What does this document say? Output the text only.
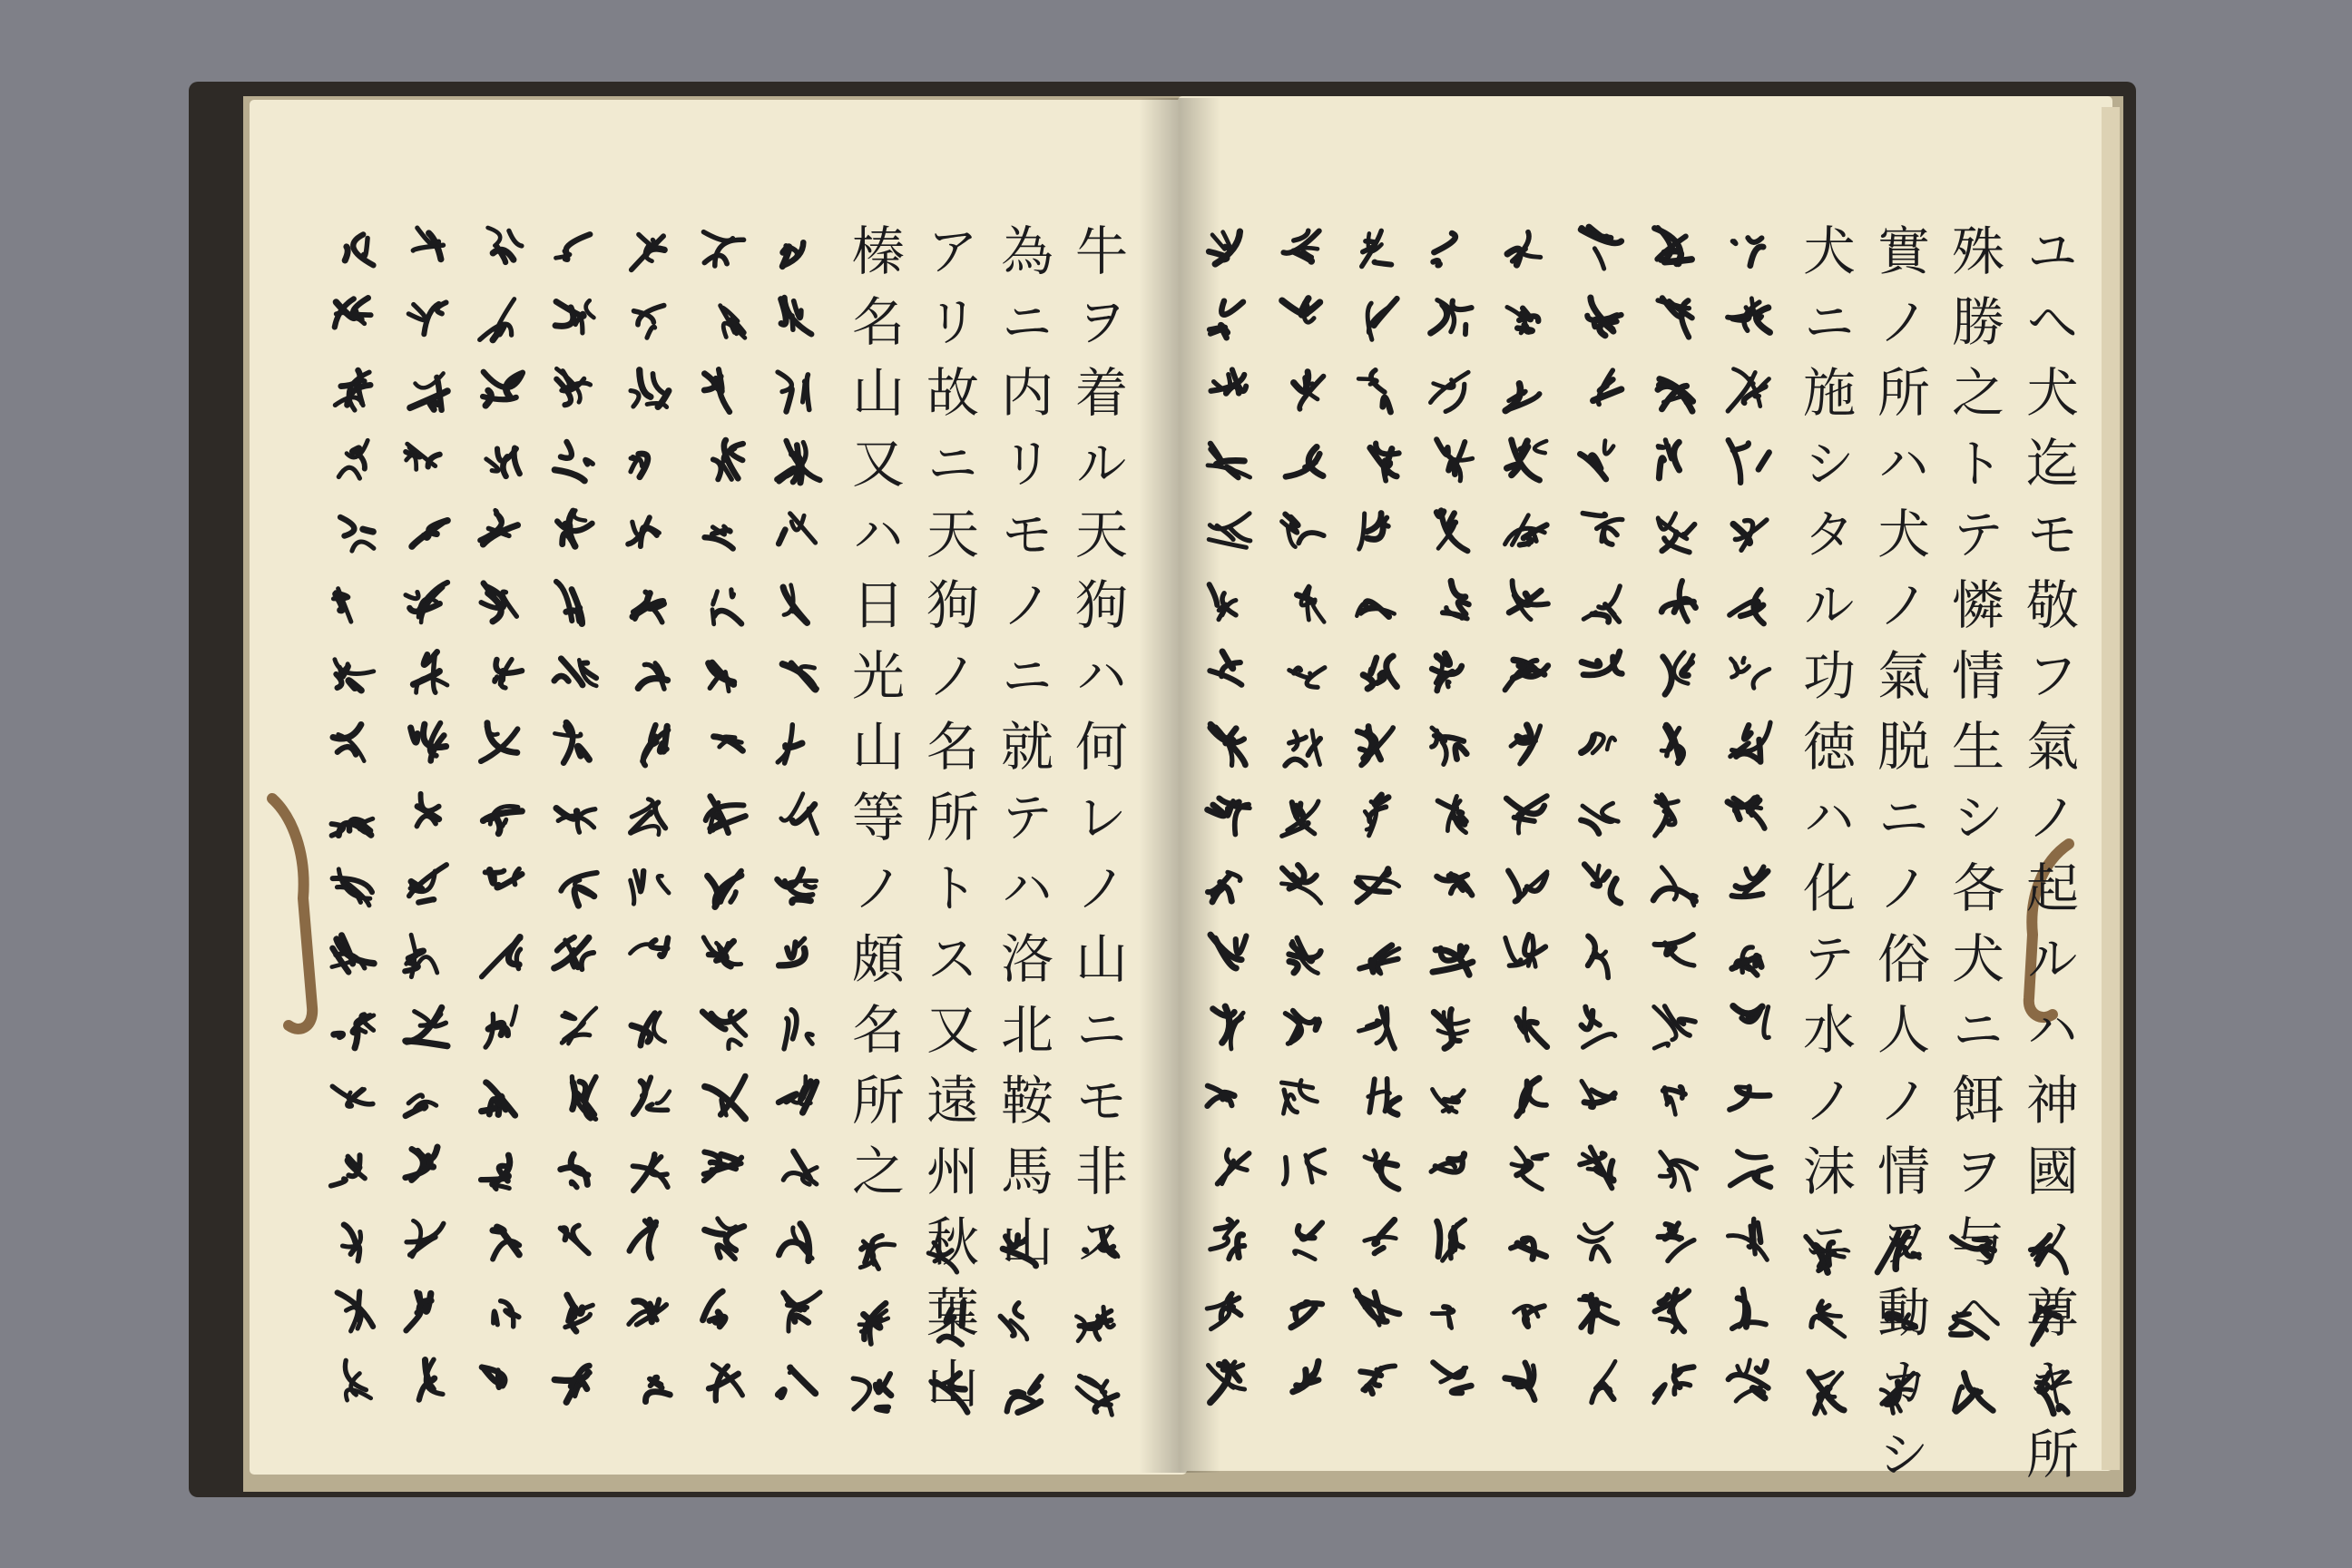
ユへ犬迄モ敬フ氣ノ起ルハ神國ノ尊キ所
殊勝之トテ憐情生シ各犬ニ餌ヲ与ヘ
實ノ所ハ犬ノ氣脱ニノ俗人ノ情ヲ動カシ
犬ニ施シタル功徳ハ化テ水ノ沫ニ
牛ヲ着ル天狗ハ何レノ山ニモ非ス
為ニ内リモノニ就テハ洛北鞍馬山
アリ故ニ天狗ノ名所トス又遠州秋葉山
榛名山又ハ日光山等ノ頗名所之
